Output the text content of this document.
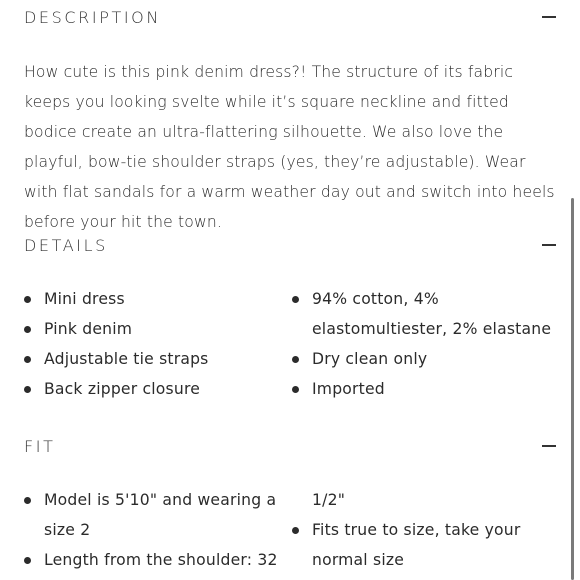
DESCRIPTION
How cute is this pink denim dress?! The structure of its fabric keeps you looking svelte while it’s square neckline and fitted bodice create an ultra-flattering silhouette. We also love the playful, bow-tie shoulder straps (yes, they’re adjustable). Wear with flat sandals for a warm weather day out and switch into heels before your hit the town.
DETAILS
Mini dress
Pink denim
Adjustable tie straps
Back zipper closure
94% cotton, 4% elastomultiester, 2% elastane
Dry clean only
Imported
FIT
Model is 5'10" and wearing a size 2
Length from the shoulder: 32
1/2"
Fits true to size, take your normal size
